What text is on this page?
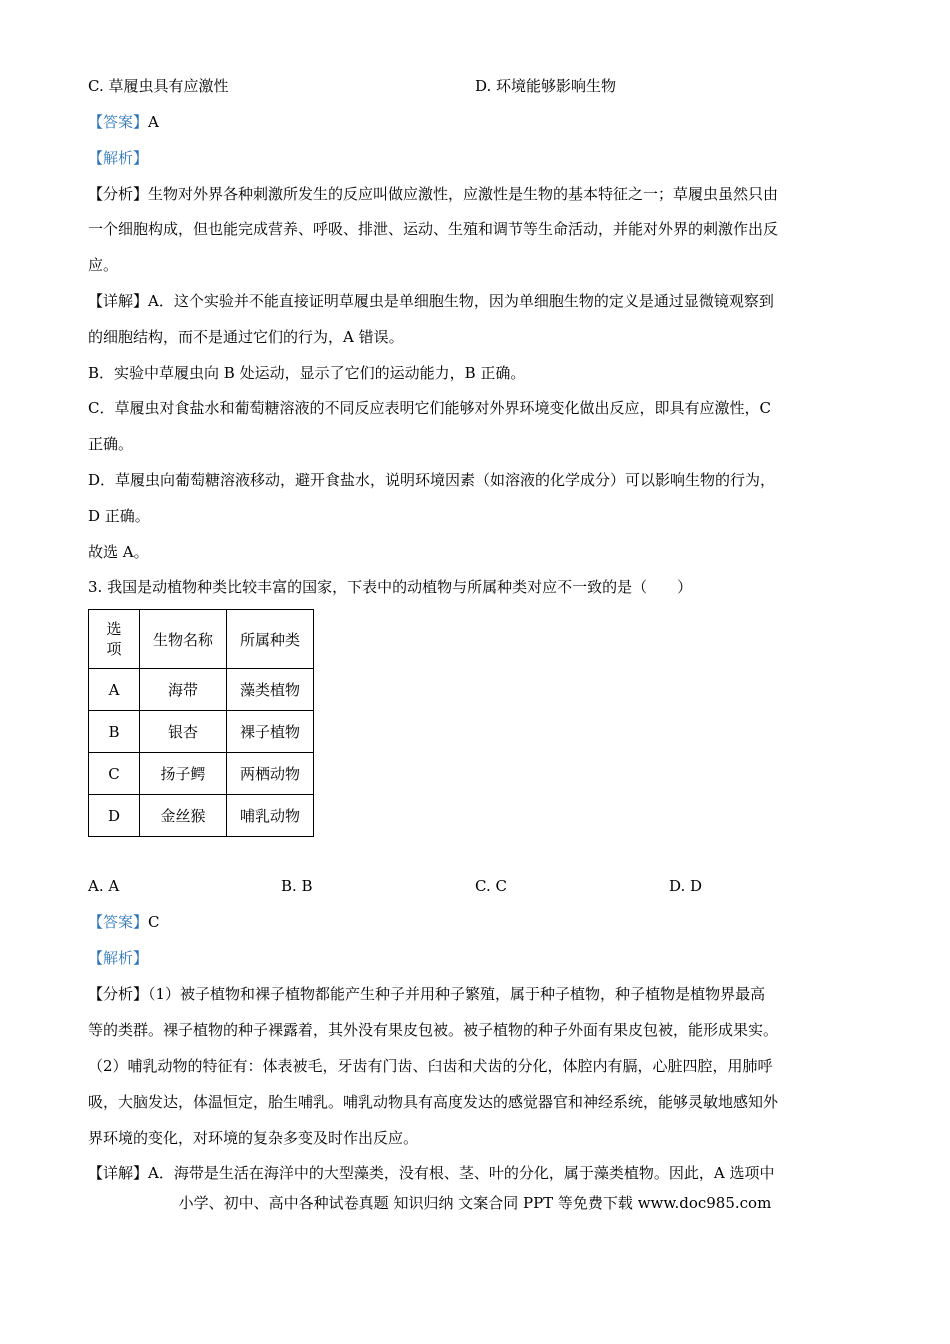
C. 草履虫具有应激性	D. 环境能够影响生物
【答案】A
【解析】
【分析】生物对外界各种刺激所发生的反应叫做应激性，应激性是生物的基本特征之一；草履虫虽然只由
一个细胞构成，但也能完成营养、呼吸、排泄、运动、生殖和调节等生命活动，并能对外界的刺激作出反
应。
【详解】A．这个实验并不能直接证明草履虫是单细胞生物，因为单细胞生物的定义是通过显微镜观察到
的细胞结构，而不是通过它们的行为，A 错误。
B．实验中草履虫向 B 处运动，显示了它们的运动能力，B 正确。
C．草履虫对食盐水和葡萄糖溶液的不同反应表明它们能够对外界环境变化做出反应，即具有应激性，C
正确。
D．草履虫向葡萄糖溶液移动，避开食盐水，说明环境因素（如溶液的化学成分）可以影响生物的行为，
D 正确。
故选 A。
3. 我国是动植物种类比较丰富的国家，下表中的动植物与所属种类对应不一致的是（　　）
选项	生物名称	所属种类
A	海带	藻类植物
B	银杏	裸子植物
C	扬子鳄	两栖动物
D	金丝猴	哺乳动物
A. A	B. B	C. C	D. D
【答案】C
【解析】
【分析】（1）被子植物和裸子植物都能产生种子并用种子繁殖，属于种子植物，种子植物是植物界最高
等的类群。裸子植物的种子裸露着，其外没有果皮包被。被子植物的种子外面有果皮包被，能形成果实。
（2）哺乳动物的特征有：体表被毛，牙齿有门齿、臼齿和犬齿的分化，体腔内有膈，心脏四腔，用肺呼
吸，大脑发达，体温恒定，胎生哺乳。哺乳动物具有高度发达的感觉器官和神经系统，能够灵敏地感知外
界环境的变化，对环境的复杂多变及时作出反应。
【详解】A．海带是生活在海洋中的大型藻类，没有根、茎、叶的分化，属于藻类植物。因此，A 选项中
小学、初中、高中各种试卷真题 知识归纳 文案合同 PPT 等免费下载 www.doc985.com
